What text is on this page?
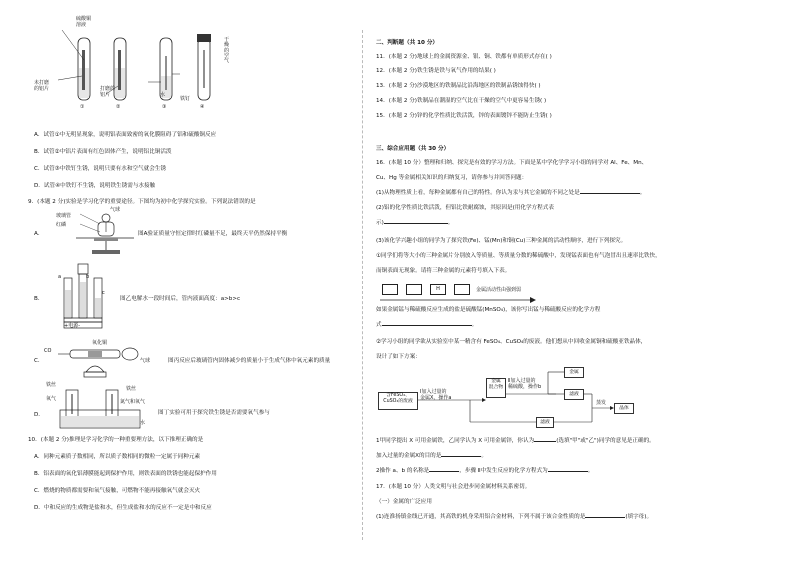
硫酸铜
溶液
未打磨
的铝片	打磨的
铝片	水
铁钉
干
燥
的
空
气
①	②	③	④
A．试管①中无明显现象，说明铝表面致密的氧化膜阻碍了铝和硫酸铜反应
B．试管②中铝片表面有红色固体产生，说明铝比铜活泼
C．试管③中铁钉生锈，说明只要有水和空气就会生锈
D．试管④中铁钉不生锈，说明铁生锈需与水接触
9．(本题 2 分)实验是学习化学的重要途径。下图均为初中化学探究实验。下列说法错误的是
A．
玻璃管
红磷
气球
图A验证质量守恒定律时红磷量不足，最终天平仍然保持平衡
B．
a	b
c
+电源-
图乙电解水一段时间后，管内液面高度：a>b>c
C．
CO
氧化铜
气球	图丙反应后玻璃管内固体减少的质量小于生成气体中氧元素的质量
D．
铁丝
铁丝
氧气	氮气和氧气
水
图丁实验可用于探究铁生锈是否需要氧气参与
10．(本题 2 分)推理是学习化学的一种重要理方法，以下推理正确的是
A．同种元素质子数相同，所以质子数相同的微粒一定属于同种元素
B．铝表面的氧化铝薄膜能起到保护作用，则铁表面的铁锈也能起保护作用
C．燃烧的物质都需要和氧气接触，可燃物不能再接触氧气就会灭火
D．中和反应的生成物是盐和水，但生成盐和水的反应不一定是中和反应
二、判断题（共 10 分）
11．(本题 2 分)地球上的金属资源金、银、铜、铁都有单质形式存在( )
12．(本题 2 分)铁生锈是铁与氧气作用的结果( )
13．(本题 2 分)沙漠地区的铁制品比沿海地区的铁制品锈蚀得快( )
14．(本题 2 分)铁制品在潮湿的空气比在干燥的空气中更容易生锈( )
15．(本题 2 分)锌的化学性质比铁活泼，锌的表面镀锌不能防止生锈( )
三、综合应用题（共 30 分）
16．(本题 10 分）整理和归纳、探究是有效的学习方法。下面是某中学化学学习小组的同学对 Al、Fe、Mn、
Cu、Hg 等金属相关知识的归纳复习，请你参与并回答问题：
(1)从物理性质上看，每种金属都有自己的特性。你认为汞与其它金属的不同之处是	。
(2)铝的化学性质比铁活泼，但铝比铁耐腐蚀，其原因是(用化学方程式表
示)	。
(3)该化学兴趣小组的同学为了探究铁(Fe)、锰(Mn)和铜(Cu)三种金属的活动性顺序，进行下列探究。
①同学们将等大小的三种金属片分别放入等质量、等质量分数的稀硫酸中，发现锰表面也有气泡冒出且速率比铁快，
而铜表面无现象。请将三种金属的元素符号填入下表。
H	金属活动性由强到弱
如果金属锰与稀硫酸反应生成的盐是硫酸锰(MnSO₄)，该你写出锰与稀硫酸反应的化学方程
式	。
②学习小组的同学欲从实验室中某一精含有 FeSO₄、CuSO₄的废液。他们想从中回收金属铜和硫酸亚铁晶体，
设计了如下方案：
含FeSO₄、
CuSO₄的废液
Ⅰ加入过量的
金属X，操作a
金属
混合物
Ⅱ加入过量的
稀硫酸，操作b
金属
滤液
滤液
蒸发
晶体
1甲同学提出 X 可用金属铁，乙同学认为 X 可用金属锌，你认为	(选填"甲"或"乙")同学的意见是正确的。
加入过量的金属X的目的是	。
2操作 a、b 的名称是	，步骤 Ⅱ中发生反应的化学方程式为	。
17．(本题 10 分）人类文明与社会进步同金属材料关系密切。
（一）金属的广泛应用
(1)连淮扬镇金线已开通，其高铁的机身采用铝合金材料，下列不属于该合金性质的是	(填字母)。
